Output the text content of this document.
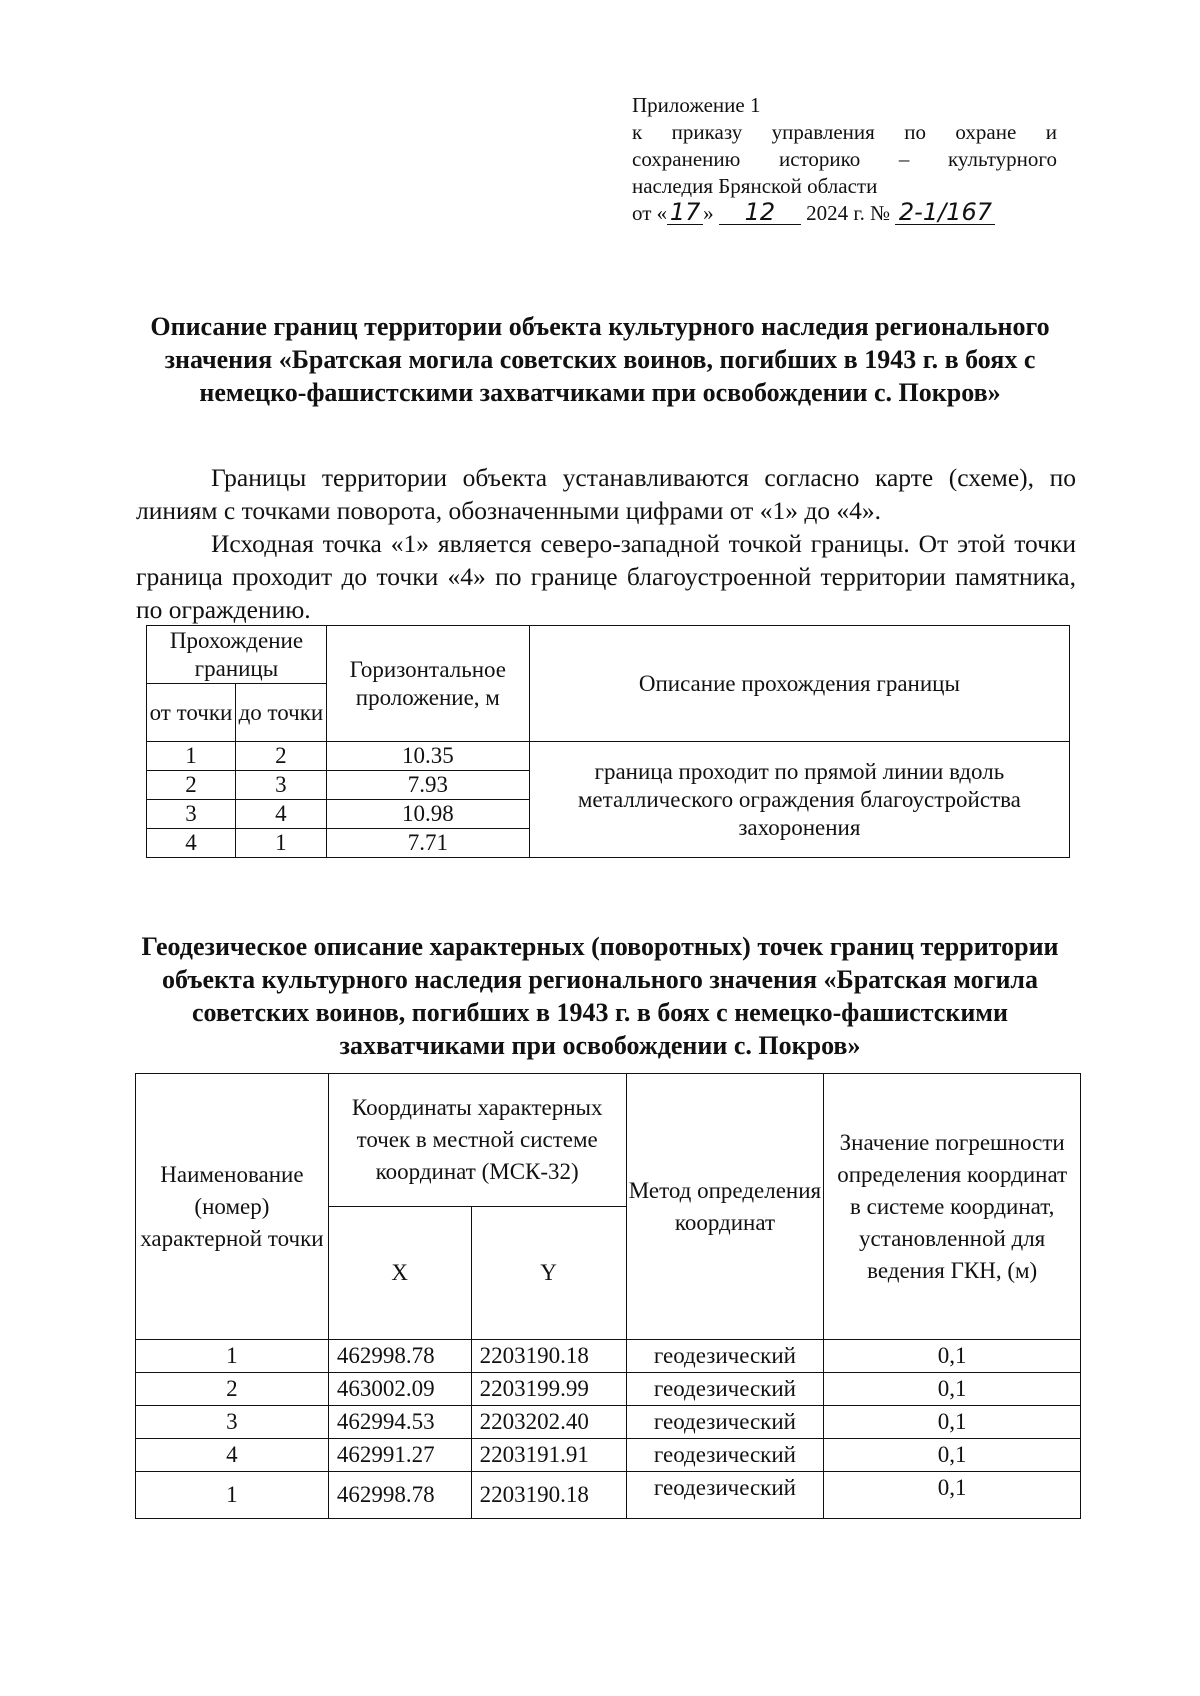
Приложение 1
к приказу управления по охране и
сохранению историко – культурного
наследия Брянской области
от « 17 » 12 2024 г. № 2-1/167
Описание границ территории объекта культурного наследия регионального значения «Братская могила советских воинов, погибших в 1943 г. в боях с немецко-фашистскими захватчиками при освобождении с. Покров»
Границы территории объекта устанавливаются согласно карте (схеме), по линиям с точками поворота, обозначенными цифрами от «1» до «4».
Исходная точка «1» является северо-западной точкой границы. От этой точки граница проходит до точки «4» по границе благоустроенной территории памятника, по ограждению.
Прохождение границы		Горизонтальное проложение, м	Описание прохождения границы
от точки	до точки		
1	2	10.35	граница проходит по прямой линии вдоль металлического ограждения благоустройства захоронения
2	3	7.93	
3	4	10.98	
4	1	7.71	
Геодезическое описание характерных (поворотных) точек границ территории объекта культурного наследия регионального значения «Братская могила советских воинов, погибших в 1943 г. в боях с немецко-фашистскими захватчиками при освобождении с. Покров»
Наименование (номер) характерной точки	Координаты характерных точек в местной системе координат (МСК-32)		Метод определения координат	Значение погрешности определения координат в системе координат, установленной для ведения ГКН, (м)
	X	Y		
1	462998.78	2203190.18	геодезический	0,1
2	463002.09	2203199.99	геодезический	0,1
3	462994.53	2203202.40	геодезический	0,1
4	462991.27	2203191.91	геодезический	0,1
1	462998.78	2203190.18	геодезический	0,1
